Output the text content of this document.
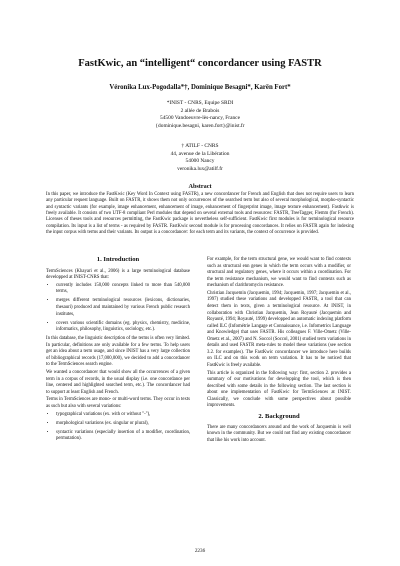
FastKwic, an “intelligent“ concordancer using FASTR
Véronika Lux-Pogodalla*†, Dominique Besagni*, Karën Fort*
*INIST - CNRS, Equipe SRDI
2 allée de Brabois
54500 Vandoeuvre-lès-nancy, France
{dominique.besagni, karen.fort}@inist.fr
† ATILF - CNRS
44, avenue de la Libération
54000 Nancy
veronika.lux@atilf.fr
Abstract
In this paper, we introduce the FastKwic (Key Word In Context using FASTR), a new concordancer for French and English that does not require users to learn any particular request language. Built on FASTR, it shows them not only occurrences of the searched term but also of several morphological, morpho-syntactic and syntactic variants (for example, image enhancement, enhancement of image, enhancement of fingerprint image, image texture enhancement). Fastkwic is freely available. It consists of two UTF-8 compliant Perl modules that depend on several external tools and resources: FASTR, TreeTagger, Flemm (for French). Licenses of theses tools and resources permitting, the FastKwic package is nevertheless self-sufficient. FastKwic first modules is for terminological resource compilation. Its input is a list of terms - as required by FASTR. FastKwic second module is for processing concordances. It relies on FASTR again for indexing the input corpus with terms and their variants. Its output is a concordancer: for each term and its variants, the context of occurrence is provided.
1. Introduction

TermSciences (Khayari et al., 2006) is a large terminological database developped at INIST-CNRS that:

• currently includes 150,000 concepts linked to more than 540,000 terms,
• merges different terminological resources (lexicons, dictionaries, thesauri) produced and maintained by various French public research institutes,
• covers various scientific domains (eg. physics, chemistry, medicine, informatics, philosophy, linguistics, sociology, etc.).

In this database, the linguistic description of the terms is often very limited. In particular, definitions are only available for a few terms. To help users get an idea about a term usage, and since INIST has a very large collection of bibliographical records (17,000,000), we decided to add a concordancer to the TermSciences search engine.

We wanted a concordancer that would show all the occurrences of a given term in a corpus of records, in the usual display (i.e. one concordance per line, centered and highlighted searched term, etc.). The concordancer had to support at least English and French.

Terms in TermSciences are mono- or multi-word terms. They occur in texts as such but also with several variations:

• typographical variations (ex. with or without "-"),
• morphological variations (ex. singular or plural),
• syntactic variations (especially insertion of a modifier, coordination, permutation).

For example, for the term structural gene, we would want to find contexts such as structural enn genes in which the term occurs with a modifier, or structural and regulatory genes, where it occurs within a coordination. For the term resistance mechanism, we would want to find contexts such as mechanism of clarithromycin resistance.

Christian Jacquemin (Jacquemin, 1994; Jacquemin, 1997; Jacquemin et al., 1997) studied these variations and developped FASTR, a tool that can detect them in texts, given a terminological resource. At INIST, in collaboration with Christian Jacquemin, Jean Royauté (Jacquemin and Royauté, 1994; Royauté, 1999) developped an automatic indexing platform called ILC (Infométrie Langage et Connaissance, i.e. Infometrics Language and Knowledge) that uses FASTR. His colleagues F. Ville-Ometz (Ville-Ometz et al., 2007) and N. Soccol (Soccol, 2001) studied term variations in details and used FASTR meta-rules to model these variations (see section 3.2. for examples). The FastKwic concordancer we introduce here builds on ILC and on this work on term variation. It has to be noticed that FastKwic is freely available.

This article is organized in the following way: first, section 2. provides a summary of our motivations for developping the tool, which is then described with some details in the following section. The last section is about one implementation of FastKwic for TermSciences at INIST. Classically, we conclude with some perspectives about possible improvements.

2. Background

There are many concordancers around and the work of Jacquemin is well known in the community. But we could not find any existing concordancer that like his work into account.

2236
